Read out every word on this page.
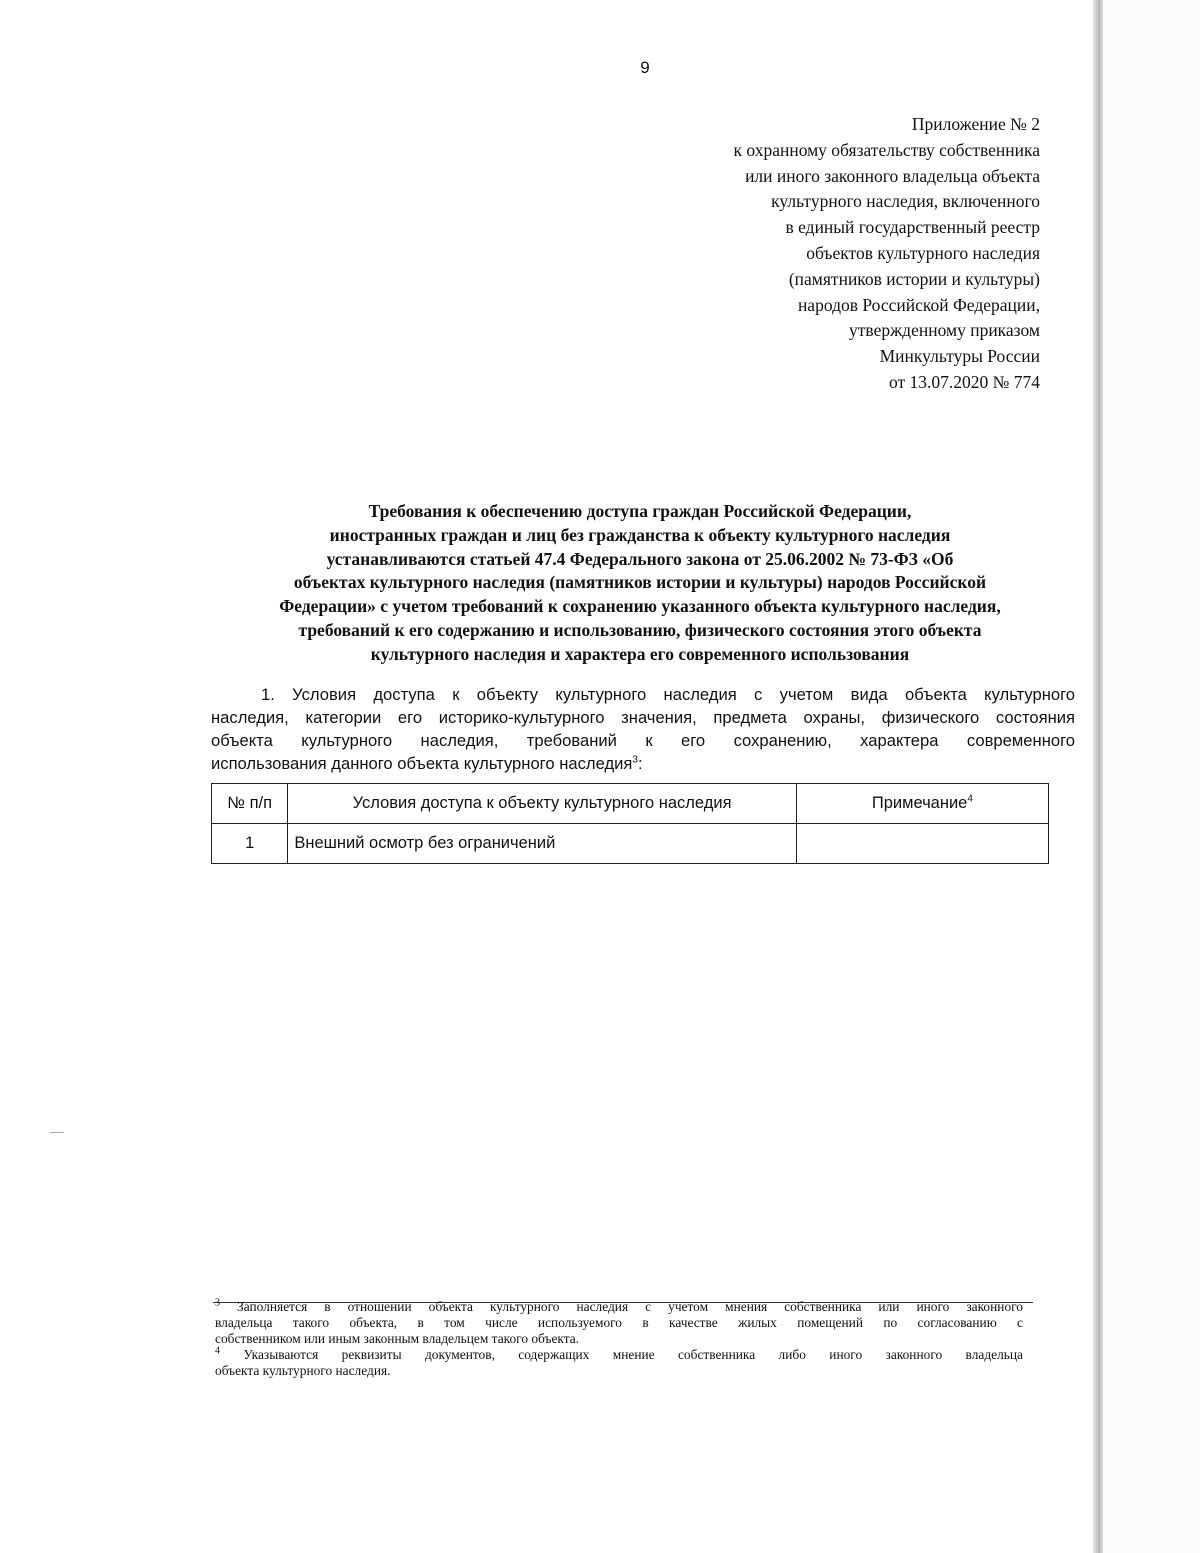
9
Приложение № 2
к охранному обязательству собственника
или иного законного владельца объекта
культурного наследия, включенного
в единый государственный реестр
объектов культурного наследия
(памятников истории и культуры)
народов Российской Федерации,
утвержденному приказом
Минкультуры России
от 13.07.2020 № 774
Требования к обеспечению доступа граждан Российской Федерации,
иностранных граждан и лиц без гражданства к объекту культурного наследия
устанавливаются статьей 47.4 Федерального закона от 25.06.2002 № 73-ФЗ «Об
объектах культурного наследия (памятников истории и культуры) народов Российской
Федерации» с учетом требований к сохранению указанного объекта культурного наследия,
требований к его содержанию и использованию, физического состояния этого объекта
культурного наследия и характера его современного использования
1. Условия доступа к объекту культурного наследия с учетом вида объекта культурного
наследия, категории его историко-культурного значения, предмета охраны, физического состояния
объекта культурного наследия, требований к его сохранению, характера современного
использования данного объекта культурного наследия$^3$:
№ п/п	Условия доступа к объекту культурного наследия	Примечание$^4$
1	Внешний осмотр без ограничений	
$^3$ Заполняется в отношении объекта культурного наследия с учетом мнения собственника или иного законного
владельца такого объекта, в том числе используемого в качестве жилых помещений по согласованию с
собственником или иным законным владельцем такого объекта.
$^4$ Указываются реквизиты документов, содержащих мнение собственника либо иного законного владельца
объекта культурного наследия.
